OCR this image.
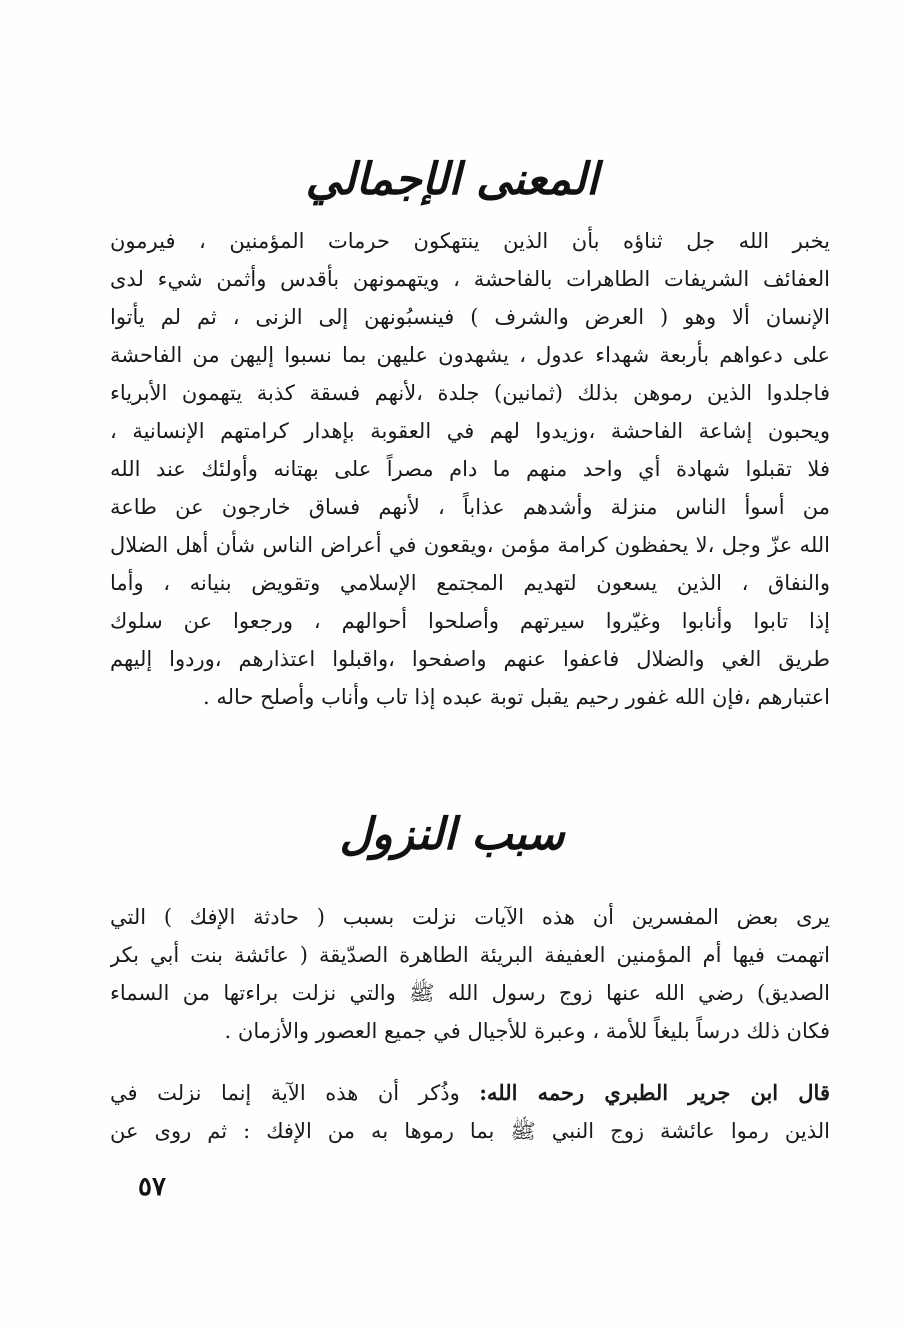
المعنى الإجمالي
يخبر الله جل ثناؤه بأن الذين ينتهكون حرمات المؤمنين ، فيرمون
العفائف الشريفات الطاهرات بالفاحشة ، ويتهمونهن بأقدس وأثمن شيء لدى
الإنسان ألا وهو ( العرض والشرف ) فينسبُونهن إلى الزنى ، ثم لم يأتوا
على دعواهم بأربعة شهداء عدول ، يشهدون عليهن بما نسبوا إليهن من الفاحشة
فاجلدوا الذين رموهن بذلك (ثمانين) جلدة ،لأنهم فسقة كذبة يتهمون الأبرياء
ويحبون إشاعة الفاحشة ،وزيدوا لهم في العقوبة بإهدار كرامتهم الإنسانية ،
فلا تقبلوا شهادة أي واحد منهم ما دام مصراً على بهتانه وأولئك عند الله
من أسوأ الناس منزلة وأشدهم عذاباً ، لأنهم فساق خارجون عن طاعة
الله عزّ وجل ،لا يحفظون كرامة مؤمن ،ويقعون في أعراض الناس شأن أهل الضلال
والنفاق ، الذين يسعون لتهديم المجتمع الإسلامي وتقويض بنيانه ، وأما
إذا تابوا وأنابوا وغيّروا سيرتهم وأصلحوا أحوالهم ، ورجعوا عن سلوك
طريق الغي والضلال فاعفوا عنهم واصفحوا ،واقبلوا اعتذارهم ،وردوا إليهم
اعتبارهم ،فإن الله غفور رحيم يقبل توبة عبده إذا تاب وأناب وأصلح حاله .
سبب النزول
يرى بعض المفسرين أن هذه الآيات نزلت بسبب ( حادثة الإفك ) التي
اتهمت فيها أم المؤمنين العفيفة البريئة الطاهرة الصدّيقة ( عائشة بنت أبي بكر
الصديق) رضي الله عنها زوج رسول الله ﷺ والتي نزلت براءتها من السماء
فكان ذلك درساً بليغاً للأمة ، وعبرة للأجيال في جميع العصور والأزمان .
قال ابن جرير الطبري رحمه الله: وذُكر أن هذه الآية إنما نزلت في
الذين رموا عائشة زوج النبي ﷺ بما رموها به من الإفك : ثم روى عن
٥٧
